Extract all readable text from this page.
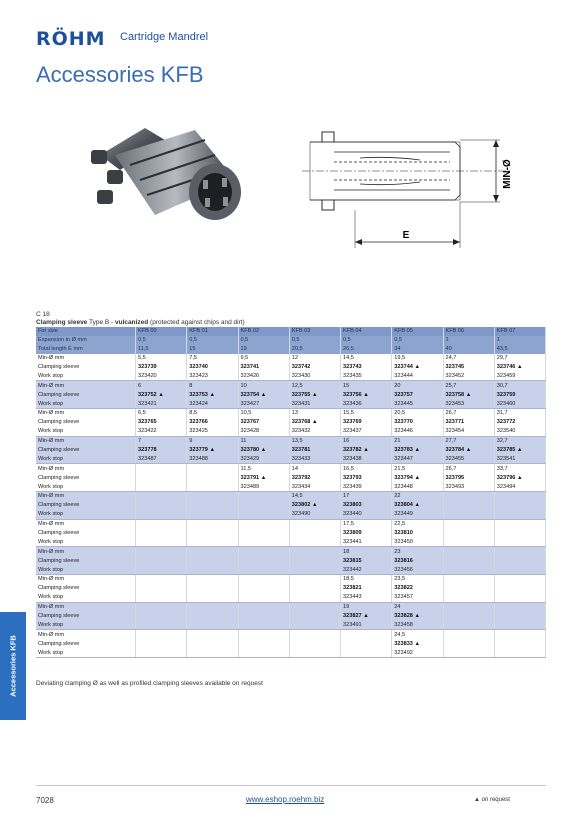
RÖHM Cartridge Mandrel
Accessories KFB
MIN-Ø
E
C 18
Clamping sleeve Type B - vulcanized (protected against chips and dirt)
For size	KFB 00	KFB 01	KFB 02	KFB 03	KFB 04	KFB 05	KFB 06	KFB 07
Expansion in Ø mm	0,5	0,5	0,5	0,5	0,5	0,5	1	1
Total length E mm	11,5	15	19	20,5	26,5	34	40	43,5
Min-Ø mm	5,5	7,5	9,5	12	14,5	19,5	24,7	29,7
Clamping sleeve	323739	323740	323741	323742	323743	323744 ▲	323745	323746 ▲
Work stop	323420	323423	323426	323430	323435	323444	323452	323459
Min-Ø mm	6	8	10	12,5	15	20	25,7	30,7
Clamping sleeve	323752 ▲	323753 ▲	323754 ▲	323755 ▲	323756 ▲	323757	323758 ▲	323759
Work stop	323421	323424	323427	323431	323436	323445	323453	323460
Min-Ø mm	6,5	8,5	10,5	13	15,5	20,5	26,7	31,7
Clamping sleeve	323765	323766	323767	323768 ▲	323769	323770	323771	323772
Work stop	323422	323425	323428	323432	323437	323446	323454	323540
Min-Ø mm	7	9	11	13,5	16	21	27,7	32,7
Clamping sleeve	323778	323779 ▲	323780 ▲	323781	323782 ▲	323783 ▲	323784 ▲	323785 ▲
Work stop	323487	323488	323429	323433	323438	323447	323455	323541
Min-Ø mm			11,5	14	16,5	21,5	26,7	33,7
Clamping sleeve			323791 ▲	323792	323793	323794 ▲	323795	323796 ▲
Work stop			323489	323434	323439	323448	323493	323494
Min-Ø mm				14,5	17	22		
Clamping sleeve				323802 ▲	323803	323804 ▲		
Work stop				323490	323440	323449		
Min-Ø mm					17,5	22,5		
Clamping sleeve					323809	323810		
Work stop					323441	323450		
Min-Ø mm					18	23		
Clamping sleeve					323815	323816		
Work stop					323442	323456		
Min-Ø mm					18,5	23,5		
Clamping sleeve					323821	323822		
Work stop					323443	323457		
Min-Ø mm					19	24		
Clamping sleeve					323827 ▲	323828 ▲		
Work stop					323491	323458		
Min-Ø mm						24,5		
Clamping sleeve						323833 ▲		
Work stop						323492		
Deviating clamping Ø as well as profiled clamping sleeves available on request
Accessories KFB
7028	www.eshop.roehm.biz	▲ on request
